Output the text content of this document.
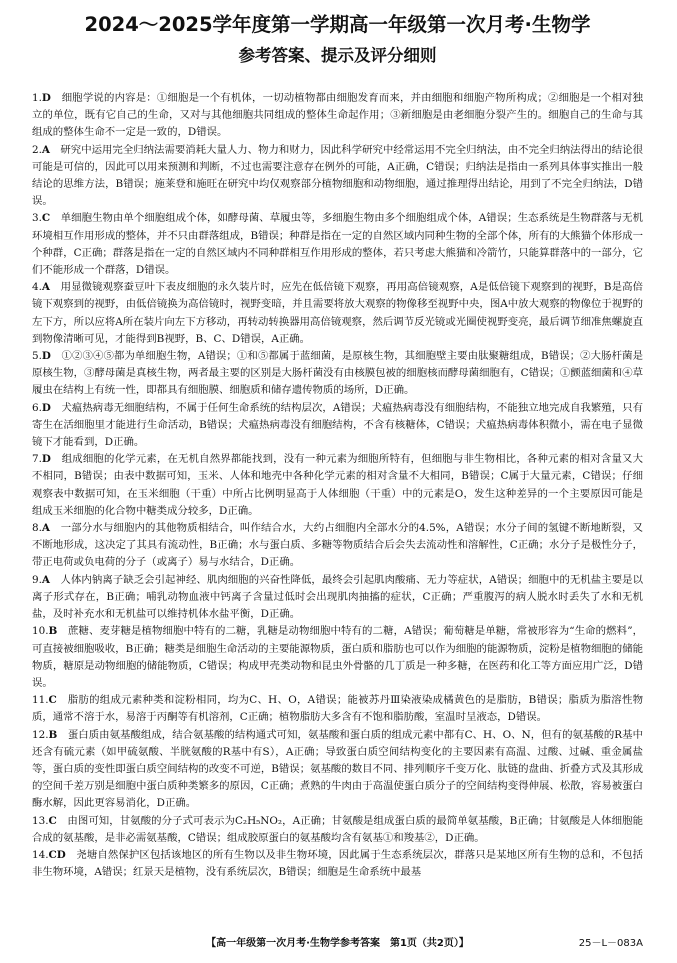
2024～2025学年度第一学期高一年级第一次月考·生物学
参考答案、提示及评分细则

1.D　 细胞学说的内容是：①细胞是一个有机体，一切动植物都由细胞发育而来，并由细胞和细胞产物所构成；②细胞是一个相对独立的单位，既有它自己的生命，又对与其他细胞共同组成的整体生命起作用；③新细胞是由老细胞分裂产生的。细胞自己的生命与其组成的整体生命不一定是一致的，D错误。

2.A　 研究中运用完全归纳法需要消耗大量人力、物力和财力，因此科学研究中经常运用不完全归纳法，由不完全归纳法得出的结论很可能是可信的，因此可以用来预测和判断，不过也需要注意存在例外的可能，A正确，C错误；归纳法是指由一系列具体事实推出一般结论的思维方法，B错误；施莱登和施旺在研究中均仅观察部分植物细胞和动物细胞，通过推理得出结论，用到了不完全归纳法，D错误。

3.C　 单细胞生物由单个细胞组成个体，如酵母菌、草履虫等，多细胞生物由多个细胞组成个体，A错误；生态系统是生物群落与无机环境相互作用形成的整体，并不只由群落组成，B错误；种群是指在一定的自然区域内同种生物的全部个体，所有的大熊猫个体形成一个种群，C正确；群落是指在一定的自然区域内不同种群相互作用形成的整体，若只考虑大熊猫和冷箭竹，只能算群落中的一部分，它们不能形成一个群落，D错误。

4.A　 用显微镜观察蚕豆叶下表皮细胞的永久装片时，应先在低倍镜下观察，再用高倍镜观察，A是低倍镜下观察到的视野，B是高倍镜下观察到的视野，由低倍镜换为高倍镜时，视野变暗，并且需要将放大观察的物像移至视野中央，图A中放大观察的物像位于视野的左下方，所以应将A所在装片向左下方移动，再转动转换器用高倍镜观察，然后调节反光镜或光圈使视野变亮，最后调节细准焦螺旋直到物像清晰可见，才能得到B视野，B、C、D错误，A正确。

5.D　 ①②③④⑤都为单细胞生物，A错误；①和⑤都属于蓝细菌，是原核生物，其细胞壁主要由肽聚糖组成，B错误；②大肠杆菌是原核生物，③酵母菌是真核生物，两者最主要的区别是大肠杆菌没有由核膜包被的细胞核而酵母菌细胞有，C错误；①颤蓝细菌和④草履虫在结构上有统一性，即都具有细胞膜、细胞质和储存遗传物质的场所，D正确。

6.D　 犬瘟热病毒无细胞结构，不属于任何生命系统的结构层次，A错误；犬瘟热病毒没有细胞结构，不能独立地完成自我繁殖，只有寄生在活细胞里才能进行生命活动，B错误；犬瘟热病毒没有细胞结构，不含有核糖体，C错误；犬瘟热病毒体积微小，需在电子显微镜下才能看到，D正确。

7.D　 组成细胞的化学元素，在无机自然界都能找到，没有一种元素为细胞所特有，但细胞与非生物相比，各种元素的相对含量又大不相同，B错误；由表中数据可知，玉米、人体和地壳中各种化学元素的相对含量不大相同，B错误；C属于大量元素，C错误；仔细观察表中数据可知，在玉米细胞（干重）中所占比例明显高于人体细胞（干重）中的元素是O，发生这种差异的一个主要原因可能是组成玉米细胞的化合物中糖类成分较多，D正确。

8.A　 一部分水与细胞内的其他物质相结合，叫作结合水，大约占细胞内全部水分的4.5%，A错误；水分子间的氢键不断地断裂，又不断地形成，这决定了其具有流动性，B正确；水与蛋白质、多糖等物质结合后会失去流动性和溶解性，C正确；水分子是极性分子，带正电荷或负电荷的分子（或离子）易与水结合，D正确。

9.A　 人体内钠离子缺乏会引起神经、肌肉细胞的兴奋性降低，最终会引起肌肉酸痛、无力等症状，A错误；细胞中的无机盐主要是以离子形式存在，B正确；哺乳动物血液中钙离子含量过低时会出现肌肉抽搐的症状，C正确；严重腹泻的病人脱水时丢失了水和无机盐，及时补充水和无机盐可以维持机体水盐平衡，D正确。

10.B　 蔗糖、麦芽糖是植物细胞中特有的二糖，乳糖是动物细胞中特有的二糖，A错误；葡萄糖是单糖，常被形容为“生命的燃料”，可直接被细胞吸收，B正确；糖类是细胞生命活动的主要能源物质，蛋白质和脂肪也可以作为细胞的能源物质，淀粉是植物细胞的储能物质，糖原是动物细胞的储能物质，C错误；构成甲壳类动物和昆虫外骨骼的几丁质是一种多糖，在医药和化工等方面应用广泛，D错误。

11.C　 脂肪的组成元素种类和淀粉相同，均为C、H、O，A错误；能被苏丹Ⅲ染液染成橘黄色的是脂肪，B错误；脂质为脂溶性物质，通常不溶于水，易溶于丙酮等有机溶剂，C正确；植物脂肪大多含有不饱和脂肪酸，室温时呈液态，D错误。

12.B　 蛋白质由氨基酸组成，结合氨基酸的结构通式可知，氨基酸和蛋白质的组成元素中都有C、H、O、N，但有的氨基酸的R基中还含有硫元素（如甲硫氨酸、半胱氨酸的R基中有S），A正确；导致蛋白质空间结构变化的主要因素有高温、过酸、过碱、重金属盐等，蛋白质的变性即蛋白质空间结构的改变不可逆，B错误；氨基酸的数目不同、排列顺序千变万化、肽链的盘曲、折叠方式及其形成的空间千差万别是细胞中蛋白质种类繁多的原因，C正确；煮熟的牛肉由于高温使蛋白质分子的空间结构变得伸展、松散，容易被蛋白酶水解，因此更容易消化，D正确。

13.C　 由图可知，甘氨酸的分子式可表示为C₂H₅NO₂，A正确；甘氨酸是组成蛋白质的最简单氨基酸，B正确；甘氨酸是人体细胞能合成的氨基酸，是非必需氨基酸，C错误；组成胶原蛋白的氨基酸均含有氨基①和羧基②，D正确。

14.CD　 尧塘自然保护区包括该地区的所有生物以及非生物环境，因此属于生态系统层次，群落只是某地区所有生物的总和，不包括非生物环境，A错误；红景天是植物，没有系统层次，B错误；细胞是生命系统中最基

【高一年级第一次月考·生物学参考答案　第1页（共2页）】	25－L－083A
